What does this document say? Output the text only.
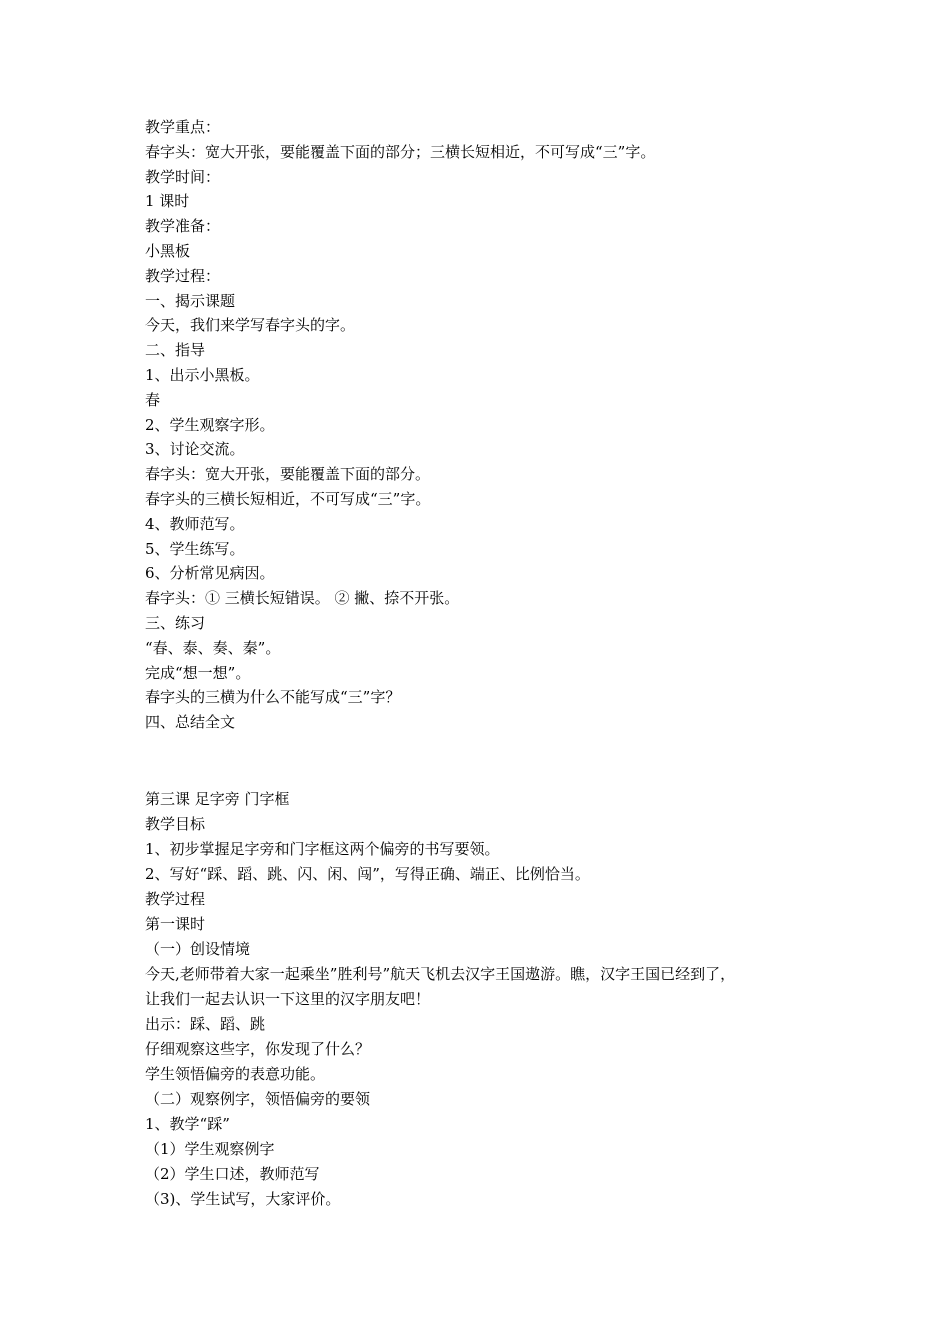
教学重点：
春字头：宽大开张，要能覆盖下面的部分；三横长短相近，不可写成“三”字。
教学时间：
1 课时
教学准备：
小黑板
教学过程：
一、揭示课题
今天，我们来学写春字头的字。
二、指导
1、出示小黑板。
春
2、学生观察字形。
3、讨论交流。
春字头：宽大开张，要能覆盖下面的部分。
春字头的三横长短相近，不可写成“三”字。
4、教师范写。
5、学生练写。
6、分析常见病因。
春字头：① 三横长短错误。 ② 撇、捺不开张。
三、练习
“春、泰、奏、秦”。
完成“想一想”。
春字头的三横为什么不能写成“三”字？
四、总结全文
第三课 足字旁 门字框
教学目标
1、初步掌握足字旁和门字框这两个偏旁的书写要领。
2、写好“踩、蹈、跳、闪、闲、闯”，写得正确、端正、比例恰当。
教学过程
第一课时
（一）创设情境
今天,老师带着大家一起乘坐”胜利号”航天飞机去汉字王国遨游。瞧，汉字王国已经到了，
让我们一起去认识一下这里的汉字朋友吧！
出示：踩、蹈、跳
仔细观察这些字，你发现了什么？
学生领悟偏旁的表意功能。
（二）观察例字，领悟偏旁的要领
1、教学“踩”
（1）学生观察例字
（2）学生口述，教师范写
（3)、学生试写，大家评价。
